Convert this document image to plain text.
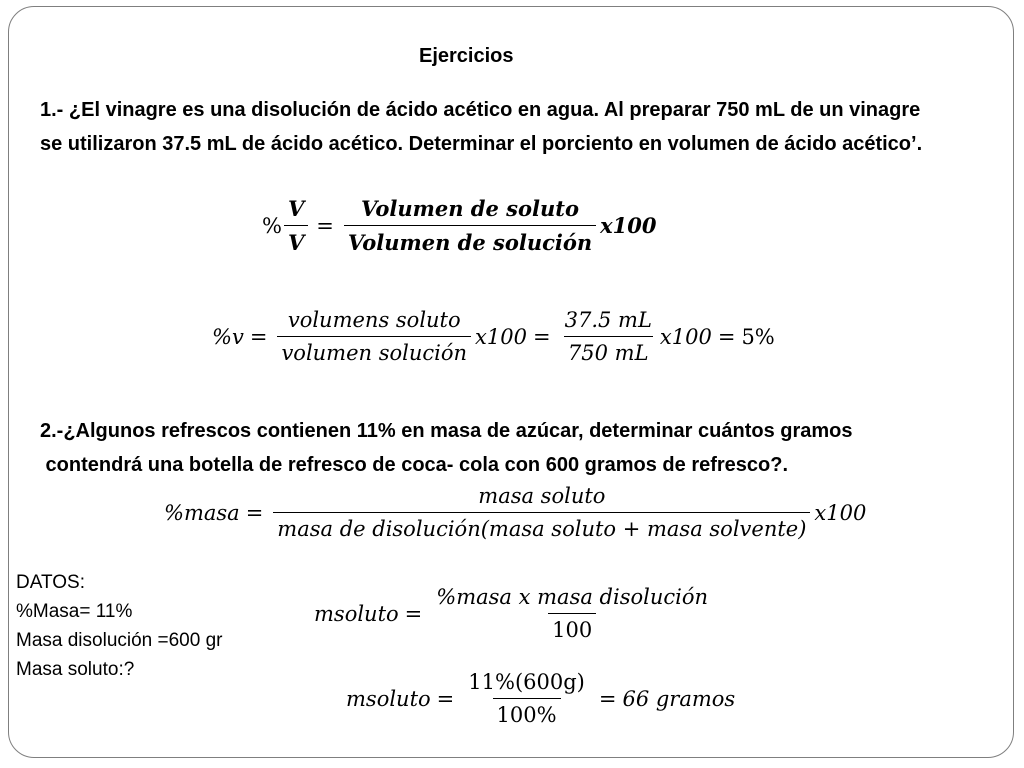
Ejercicios
1.- ¿El vinagre es una disolución de ácido acético en agua. Al preparar 750 mL de un vinagre
se utilizaron 37.5 mL de ácido acético. Determinar el porciento en volumen de ácido acético’.
% $\frac{V}{V} = \frac{\text{Volumen de soluto}}{\text{Volumen de solución}} x100$
$\%v = \frac{\text{volumens soluto}}{\text{volumen solución}} x100 = \frac{37.5 mL}{750 mL} x100 = 5\%$
2.-¿Algunos refrescos contienen 11% en masa de azúcar, determinar cuántos gramos
contendrá una botella de refresco de coca- cola con 600 gramos de refresco?.
%masa = $\frac{\text{masa soluto}}{\text{masa de disolución(masa soluto + masa solvente)}} x100$
DATOS:
%Masa= 11%
Masa disolución =600 gr
Masa soluto:?
msoluto = $\frac{\text{\%masa x masa disolución}}{100}$
msoluto = $\frac{11\%(600g)}{100\%} = 66$ gramos
